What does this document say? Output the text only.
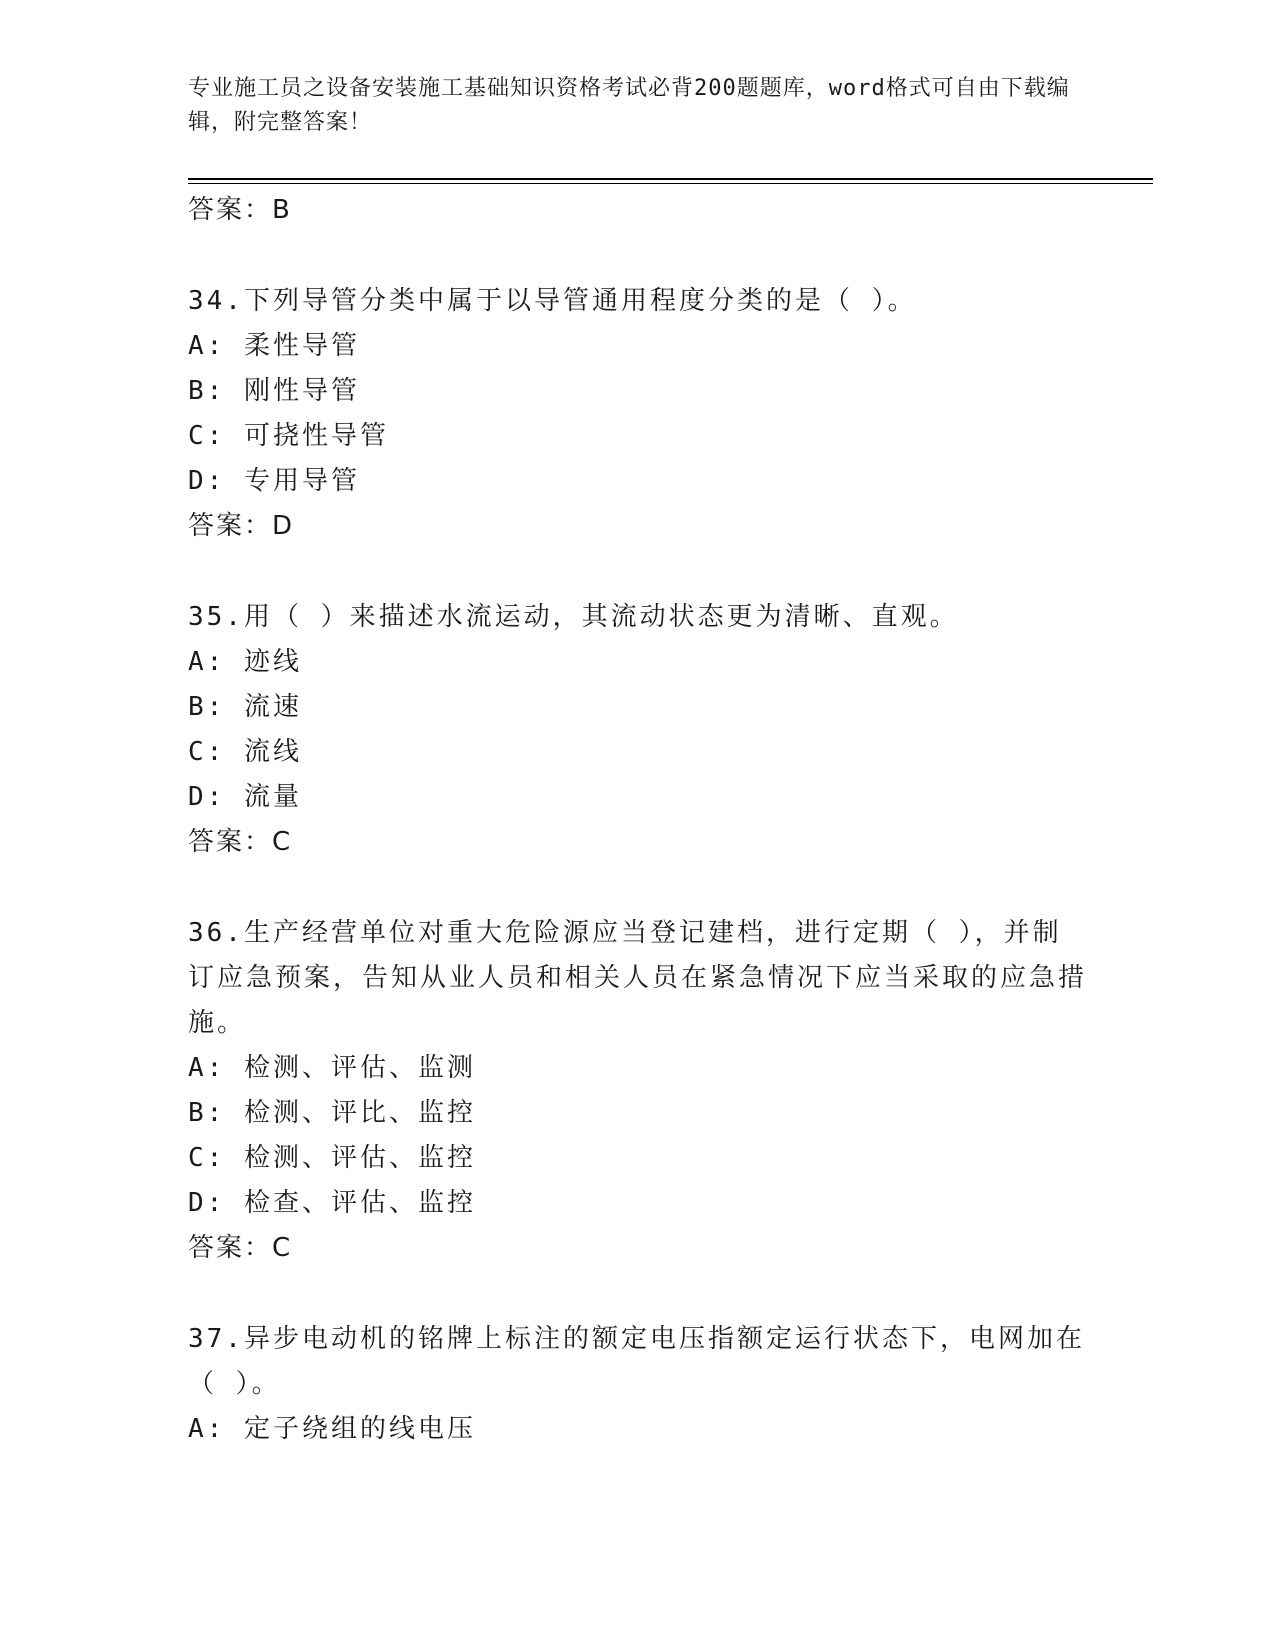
专业施工员之设备安装施工基础知识资格考试必背200题题库，word格式可自由下载编辑，附完整答案！

答案：B

34.下列导管分类中属于以导管通用程度分类的是（ ）。

A: 柔性导管

B: 刚性导管

C: 可挠性导管

D: 专用导管

答案：D

35.用（ ）来描述水流运动，其流动状态更为清晰、直观。

A: 迹线

B: 流速

C: 流线

D: 流量

答案：C

36.生产经营单位对重大危险源应当登记建档，进行定期（ ），并制订应急预案，告知从业人员和相关人员在紧急情况下应当采取的应急措施。

A: 检测、评估、监测

B: 检测、评比、监控

C: 检测、评估、监控

D: 检查、评估、监控

答案：C

37.异步电动机的铭牌上标注的额定电压指额定运行状态下，电网加在（ ）。

A: 定子绕组的线电压
